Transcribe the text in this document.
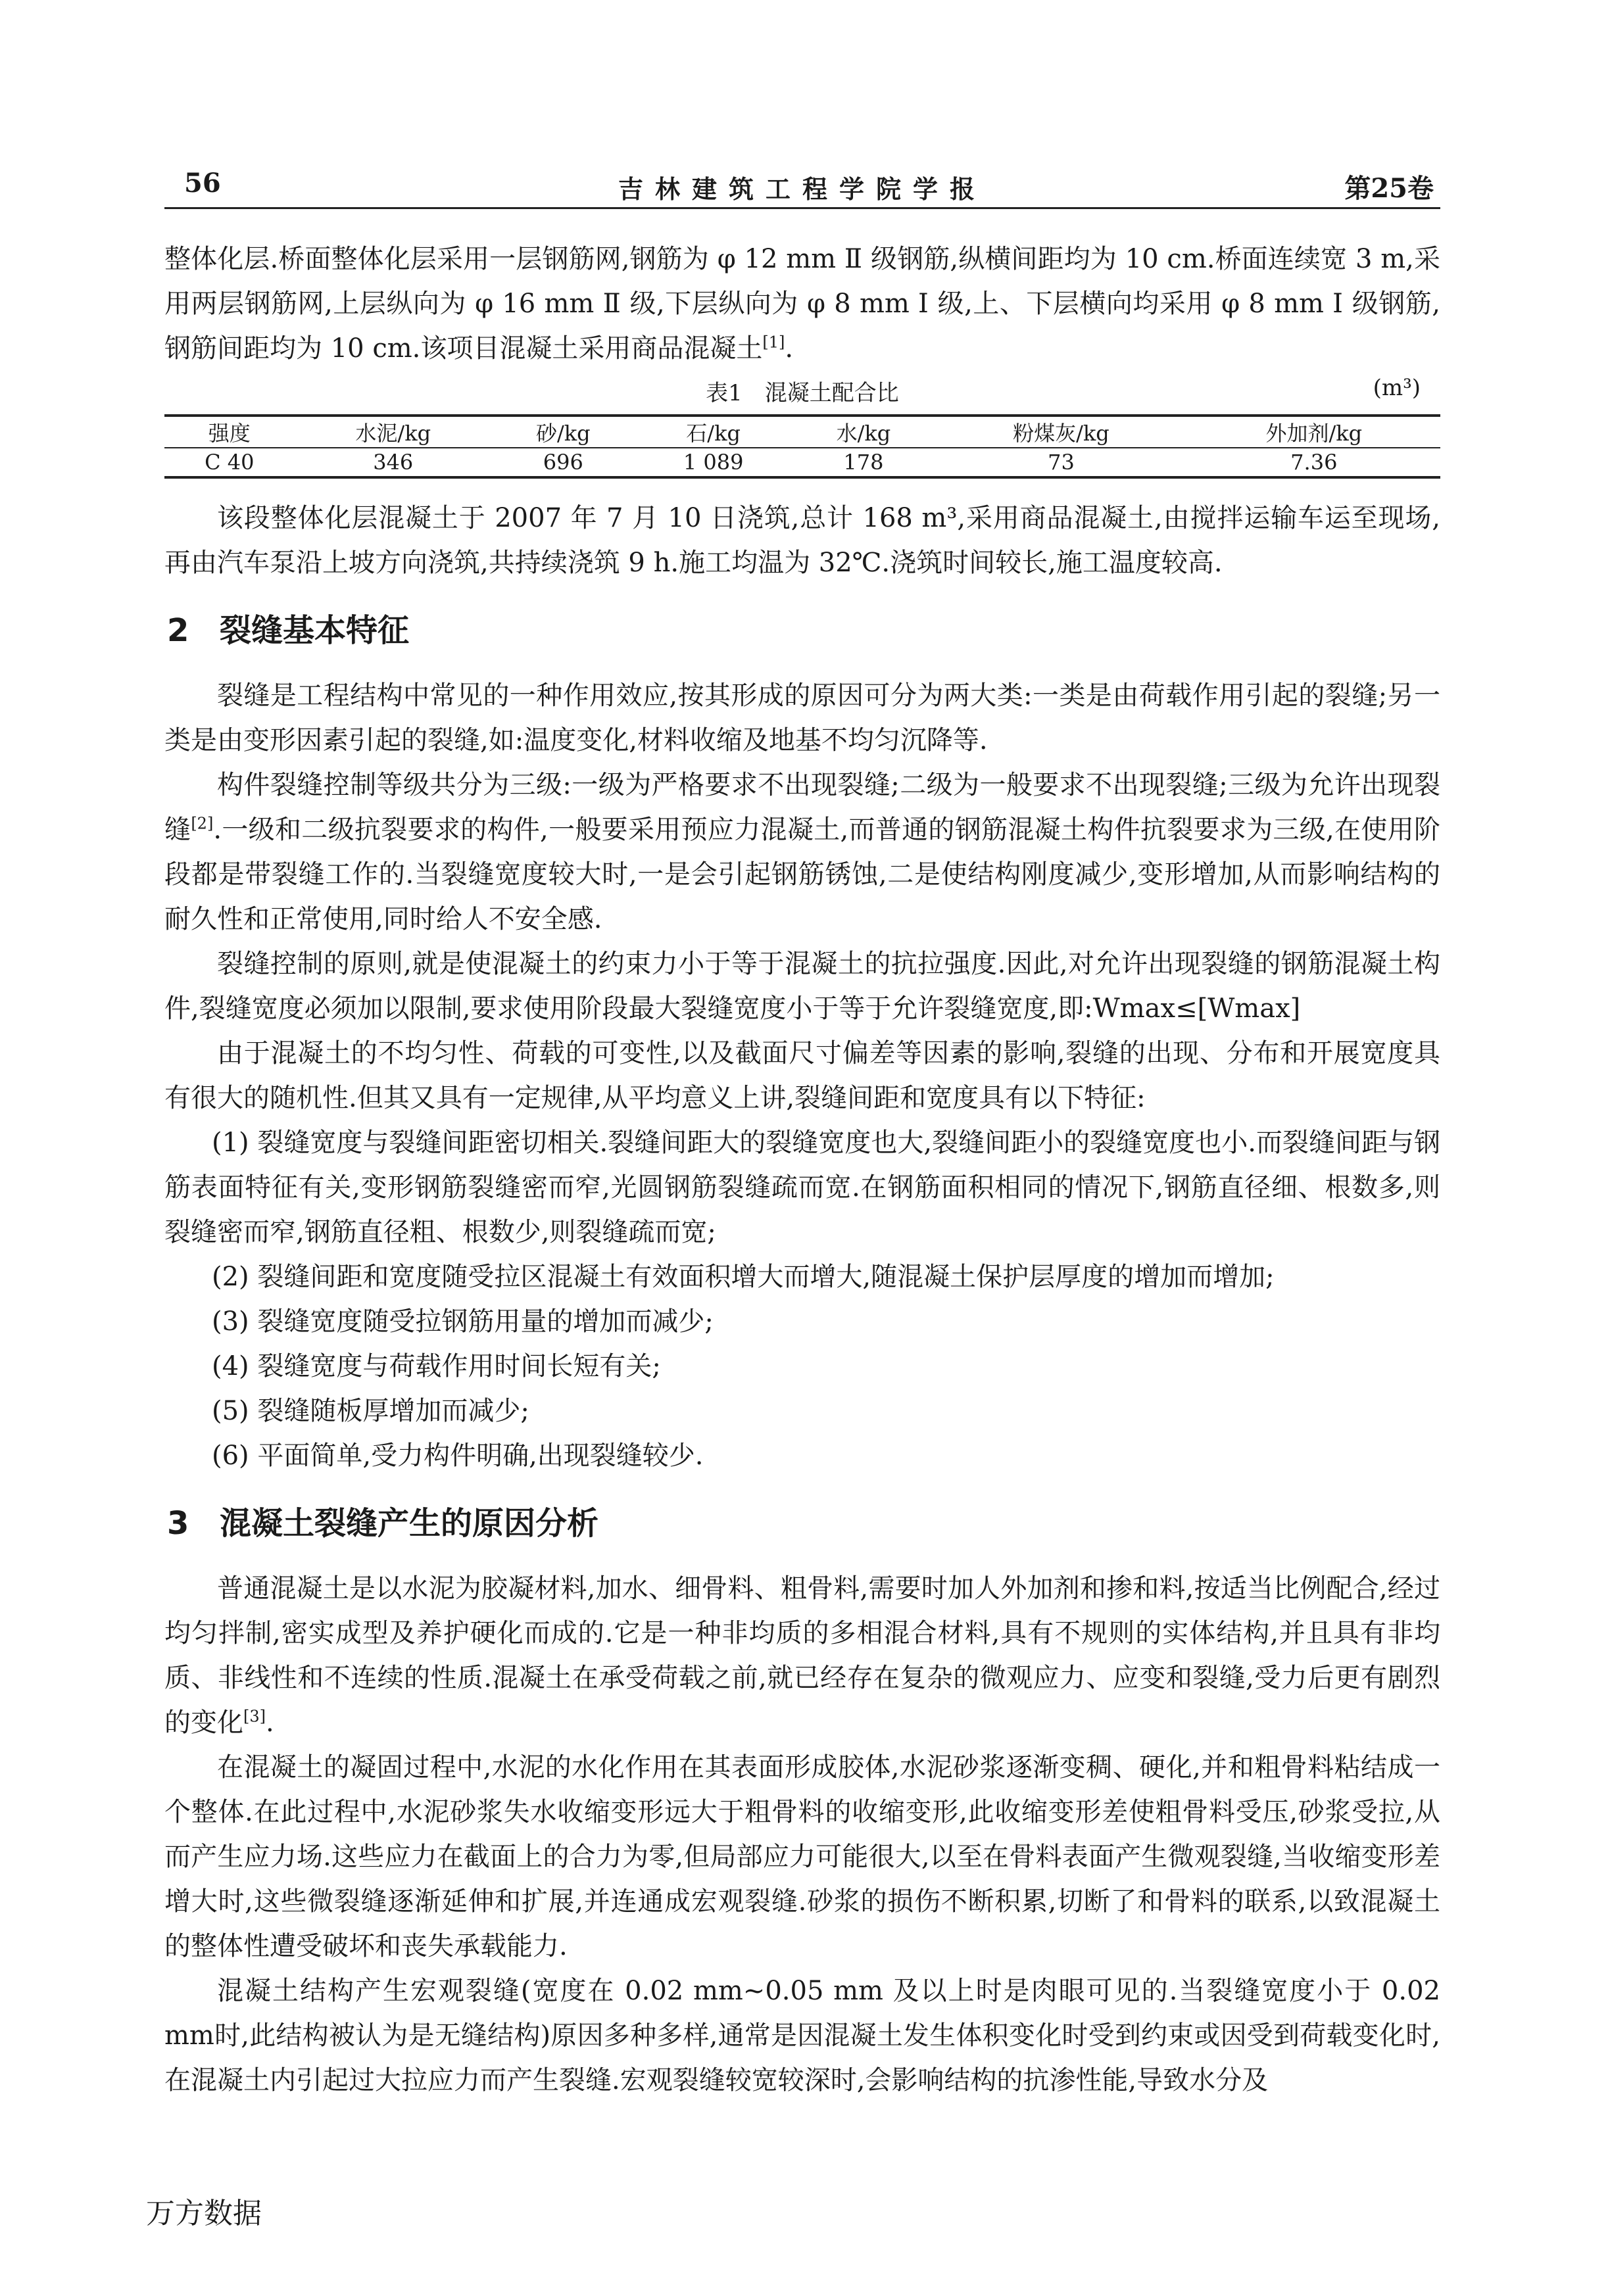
56	吉林建筑工程学院学报	第25卷

整体化层.桥面整体化层采用一层钢筋网,钢筋为 φ 12 mm Ⅱ 级钢筋,纵横间距均为 10 cm.桥面连续宽 3 m,采用两层钢筋网,上层纵向为 φ 16 mm Ⅱ 级,下层纵向为 φ 8 mm Ⅰ 级,上、下层横向均采用 φ 8 mm Ⅰ 级钢筋,钢筋间距均为 10 cm.该项目混凝土采用商品混凝土[1].

表1　混凝土配合比	(m³)
强度	水泥/kg	砂/kg	石/kg	水/kg	粉煤灰/kg	外加剂/kg
C 40	346	696	1 089	178	73	7.36

该段整体化层混凝土于 2007 年 7 月 10 日浇筑,总计 168 m³,采用商品混凝土,由搅拌运输车运至现场,再由汽车泵沿上坡方向浇筑,共持续浇筑 9 h.施工均温为 32℃.浇筑时间较长,施工温度较高.

2 裂缝基本特征

裂缝是工程结构中常见的一种作用效应,按其形成的原因可分为两大类:一类是由荷载作用引起的裂缝;另一类是由变形因素引起的裂缝,如:温度变化,材料收缩及地基不均匀沉降等.

构件裂缝控制等级共分为三级:一级为严格要求不出现裂缝;二级为一般要求不出现裂缝;三级为允许出现裂缝[2].一级和二级抗裂要求的构件,一般要采用预应力混凝土,而普通的钢筋混凝土构件抗裂要求为三级,在使用阶段都是带裂缝工作的.当裂缝宽度较大时,一是会引起钢筋锈蚀,二是使结构刚度减少,变形增加,从而影响结构的耐久性和正常使用,同时给人不安全感.

裂缝控制的原则,就是使混凝土的约束力小于等于混凝土的抗拉强度.因此,对允许出现裂缝的钢筋混凝土构件,裂缝宽度必须加以限制,要求使用阶段最大裂缝宽度小于等于允许裂缝宽度,即:Wmax≤[Wmax]

由于混凝土的不均匀性、荷载的可变性,以及截面尺寸偏差等因素的影响,裂缝的出现、分布和开展宽度具有很大的随机性.但其又具有一定规律,从平均意义上讲,裂缝间距和宽度具有以下特征:

(1) 裂缝宽度与裂缝间距密切相关.裂缝间距大的裂缝宽度也大,裂缝间距小的裂缝宽度也小.而裂缝间距与钢筋表面特征有关,变形钢筋裂缝密而窄,光圆钢筋裂缝疏而宽.在钢筋面积相同的情况下,钢筋直径细、根数多,则裂缝密而窄,钢筋直径粗、根数少,则裂缝疏而宽;

(2) 裂缝间距和宽度随受拉区混凝土有效面积增大而增大,随混凝土保护层厚度的增加而增加;

(3) 裂缝宽度随受拉钢筋用量的增加而减少;

(4) 裂缝宽度与荷载作用时间长短有关;

(5) 裂缝随板厚增加而减少;

(6) 平面简单,受力构件明确,出现裂缝较少.

3 混凝土裂缝产生的原因分析

普通混凝土是以水泥为胶凝材料,加水、细骨料、粗骨料,需要时加人外加剂和掺和料,按适当比例配合,经过均匀拌制,密实成型及养护硬化而成的.它是一种非均质的多相混合材料,具有不规则的实体结构,并且具有非均质、非线性和不连续的性质.混凝土在承受荷载之前,就已经存在复杂的微观应力、应变和裂缝,受力后更有剧烈的变化[3].

在混凝土的凝固过程中,水泥的水化作用在其表面形成胶体,水泥砂浆逐渐变稠、硬化,并和粗骨料粘结成一个整体.在此过程中,水泥砂浆失水收缩变形远大于粗骨料的收缩变形,此收缩变形差使粗骨料受压,砂浆受拉,从而产生应力场.这些应力在截面上的合力为零,但局部应力可能很大,以至在骨料表面产生微观裂缝,当收缩变形差增大时,这些微裂缝逐渐延伸和扩展,并连通成宏观裂缝.砂浆的损伤不断积累,切断了和骨料的联系,以致混凝土的整体性遭受破坏和丧失承载能力.

混凝土结构产生宏观裂缝(宽度在 0.02 mm~0.05 mm 及以上时是肉眼可见的.当裂缝宽度小于 0.02 mm时,此结构被认为是无缝结构)原因多种多样,通常是因混凝土发生体积变化时受到约束或因受到荷载变化时,在混凝土内引起过大拉应力而产生裂缝.宏观裂缝较宽较深时,会影响结构的抗渗性能,导致水分及

万方数据
